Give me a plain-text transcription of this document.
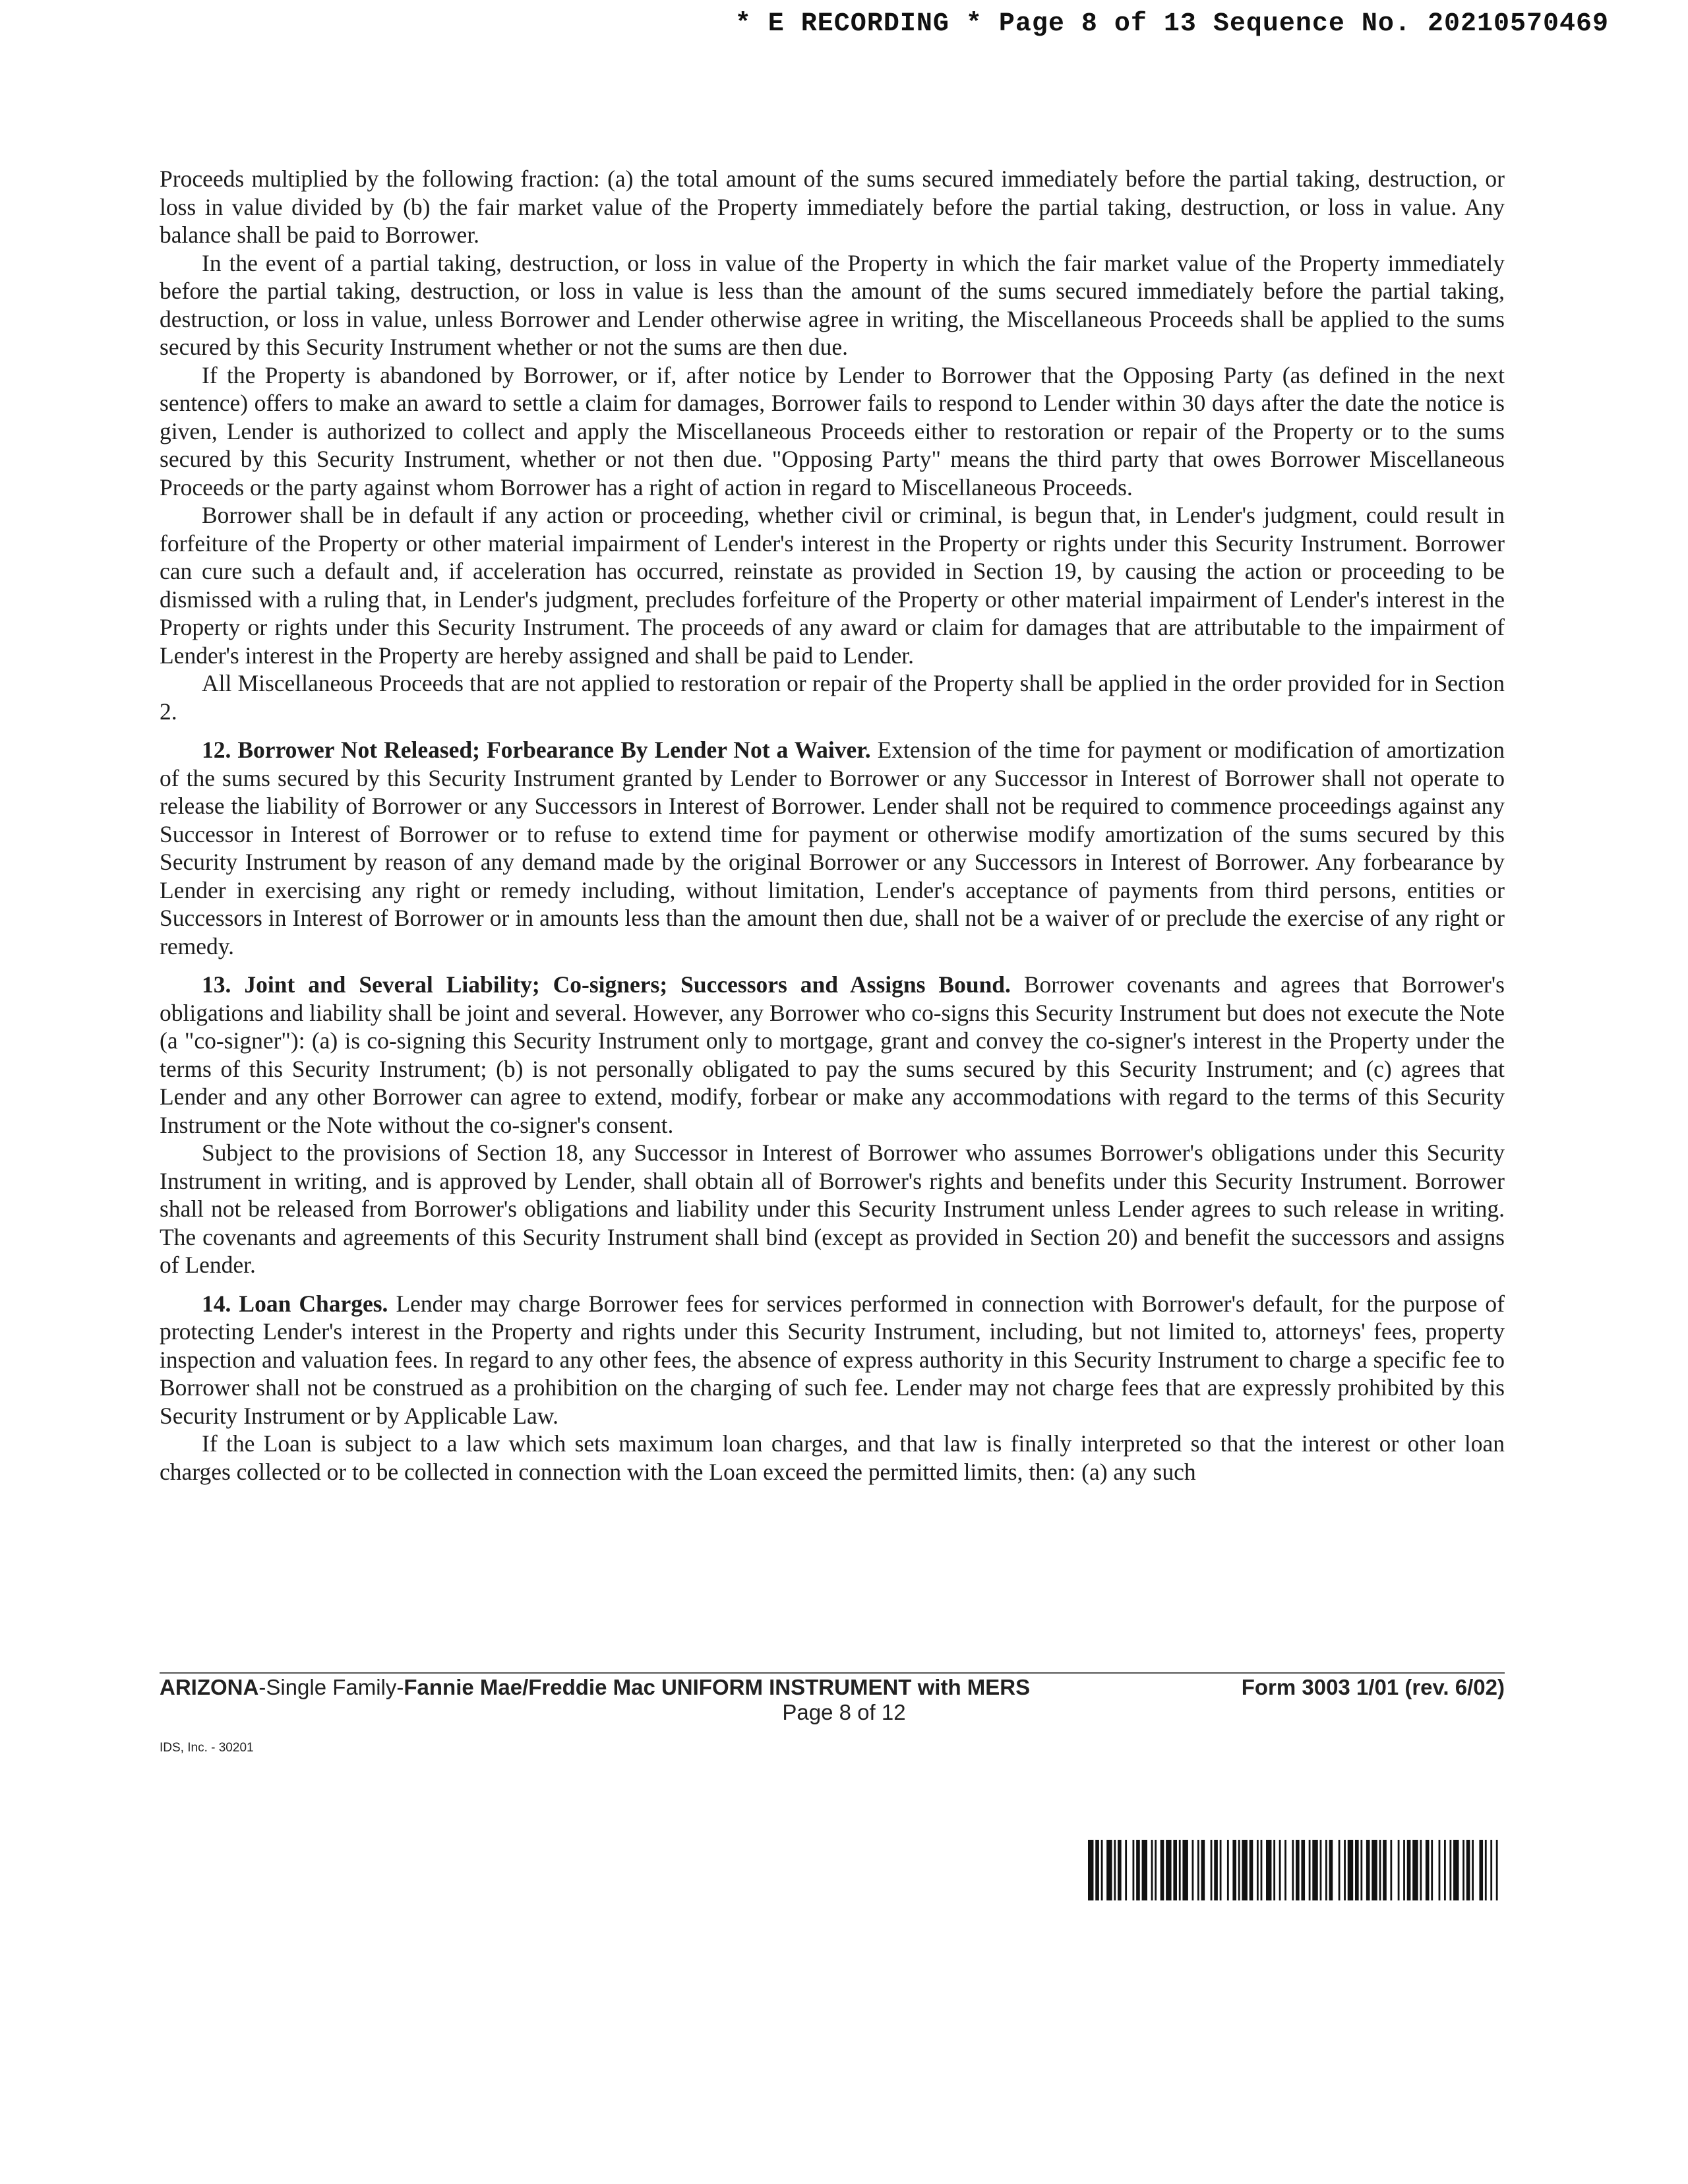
* E RECORDING * Page 8 of 13 Sequence No. 20210570469

Proceeds multiplied by the following fraction: (a) the total amount of the sums secured immediately before the partial taking, destruction, or loss in value divided by (b) the fair market value of the Property immediately before the partial taking, destruction, or loss in value. Any balance shall be paid to Borrower.

In the event of a partial taking, destruction, or loss in value of the Property in which the fair market value of the Property immediately before the partial taking, destruction, or loss in value is less than the amount of the sums secured immediately before the partial taking, destruction, or loss in value, unless Borrower and Lender otherwise agree in writing, the Miscellaneous Proceeds shall be applied to the sums secured by this Security Instrument whether or not the sums are then due.

If the Property is abandoned by Borrower, or if, after notice by Lender to Borrower that the Opposing Party (as defined in the next sentence) offers to make an award to settle a claim for damages, Borrower fails to respond to Lender within 30 days after the date the notice is given, Lender is authorized to collect and apply the Miscellaneous Proceeds either to restoration or repair of the Property or to the sums secured by this Security Instrument, whether or not then due. "Opposing Party" means the third party that owes Borrower Miscellaneous Proceeds or the party against whom Borrower has a right of action in regard to Miscellaneous Proceeds.

Borrower shall be in default if any action or proceeding, whether civil or criminal, is begun that, in Lender's judgment, could result in forfeiture of the Property or other material impairment of Lender's interest in the Property or rights under this Security Instrument. Borrower can cure such a default and, if acceleration has occurred, reinstate as provided in Section 19, by causing the action or proceeding to be dismissed with a ruling that, in Lender's judgment, precludes forfeiture of the Property or other material impairment of Lender's interest in the Property or rights under this Security Instrument. The proceeds of any award or claim for damages that are attributable to the impairment of Lender's interest in the Property are hereby assigned and shall be paid to Lender.

All Miscellaneous Proceeds that are not applied to restoration or repair of the Property shall be applied in the order provided for in Section 2.

12. Borrower Not Released; Forbearance By Lender Not a Waiver. Extension of the time for payment or modification of amortization of the sums secured by this Security Instrument granted by Lender to Borrower or any Successor in Interest of Borrower shall not operate to release the liability of Borrower or any Successors in Interest of Borrower. Lender shall not be required to commence proceedings against any Successor in Interest of Borrower or to refuse to extend time for payment or otherwise modify amortization of the sums secured by this Security Instrument by reason of any demand made by the original Borrower or any Successors in Interest of Borrower. Any forbearance by Lender in exercising any right or remedy including, without limitation, Lender's acceptance of payments from third persons, entities or Successors in Interest of Borrower or in amounts less than the amount then due, shall not be a waiver of or preclude the exercise of any right or remedy.

13. Joint and Several Liability; Co-signers; Successors and Assigns Bound. Borrower covenants and agrees that Borrower's obligations and liability shall be joint and several. However, any Borrower who co-signs this Security Instrument but does not execute the Note (a "co-signer"): (a) is co-signing this Security Instrument only to mortgage, grant and convey the co-signer's interest in the Property under the terms of this Security Instrument; (b) is not personally obligated to pay the sums secured by this Security Instrument; and (c) agrees that Lender and any other Borrower can agree to extend, modify, forbear or make any accommodations with regard to the terms of this Security Instrument or the Note without the co-signer's consent.

Subject to the provisions of Section 18, any Successor in Interest of Borrower who assumes Borrower's obligations under this Security Instrument in writing, and is approved by Lender, shall obtain all of Borrower's rights and benefits under this Security Instrument. Borrower shall not be released from Borrower's obligations and liability under this Security Instrument unless Lender agrees to such release in writing. The covenants and agreements of this Security Instrument shall bind (except as provided in Section 20) and benefit the successors and assigns of Lender.

14. Loan Charges. Lender may charge Borrower fees for services performed in connection with Borrower's default, for the purpose of protecting Lender's interest in the Property and rights under this Security Instrument, including, but not limited to, attorneys' fees, property inspection and valuation fees. In regard to any other fees, the absence of express authority in this Security Instrument to charge a specific fee to Borrower shall not be construed as a prohibition on the charging of such fee. Lender may not charge fees that are expressly prohibited by this Security Instrument or by Applicable Law.

If the Loan is subject to a law which sets maximum loan charges, and that law is finally interpreted so that the interest or other loan charges collected or to be collected in connection with the Loan exceed the permitted limits, then: (a) any such

ARIZONA-Single Family-Fannie Mae/Freddie Mac UNIFORM INSTRUMENT with MERS	Form 3003 1/01 (rev. 6/02)
Page 8 of 12
IDS, Inc. - 30201
